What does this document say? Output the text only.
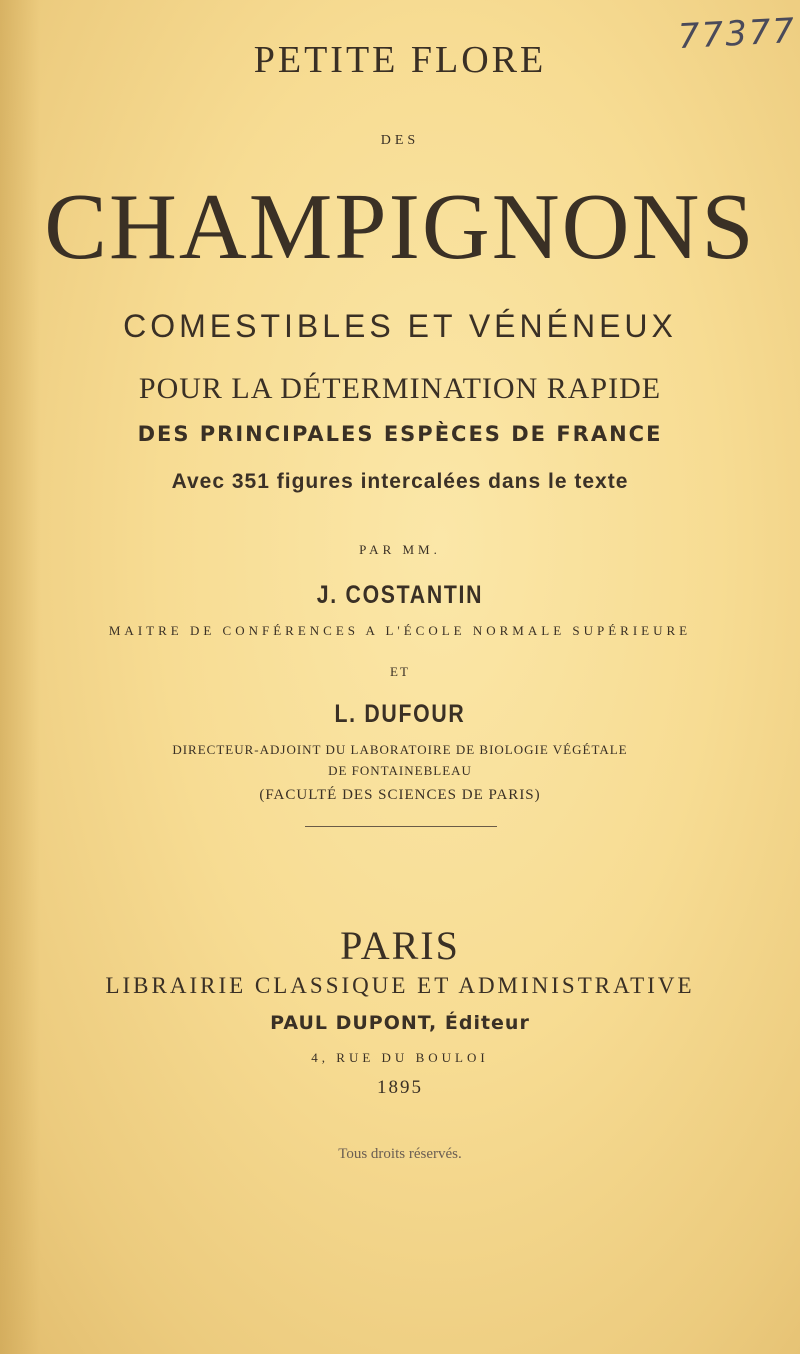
77377
PETITE FLORE
DES
CHAMPIGNONS
COMESTIBLES ET VÉNÉNEUX
POUR LA DÉTERMINATION RAPIDE
DES PRINCIPALES ESPÈCES DE FRANCE
Avec 351 figures intercalées dans le texte
PAR MM.
J. COSTANTIN
MAITRE DE CONFÉRENCES A L'ÉCOLE NORMALE SUPÉRIEURE
ET
L. DUFOUR
DIRECTEUR-ADJOINT DU LABORATOIRE DE BIOLOGIE VÉGÉTALE
DE FONTAINEBLEAU
(FACULTÉ DES SCIENCES DE PARIS)
PARIS
LIBRAIRIE CLASSIQUE ET ADMINISTRATIVE
PAUL DUPONT, Éditeur
4, RUE DU BOULOI
1895
Tous droits réservés.
